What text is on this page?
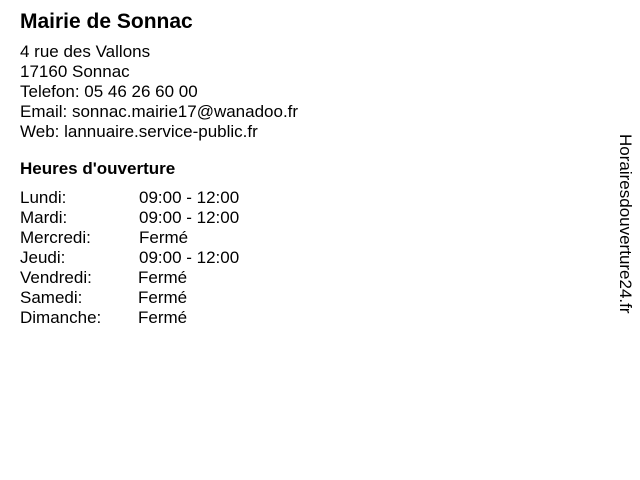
Mairie de Sonnac
4 rue des Vallons
17160 Sonnac
Telefon: 05 46 26 60 00
Email: sonnac.mairie17@wanadoo.fr
Web: lannuaire.service-public.fr
Heures d'ouverture
Lundi:	09:00 - 12:00
Mardi:	09:00 - 12:00
Mercredi:	Fermé
Jeudi:	09:00 - 12:00
Vendredi:	Fermé
Samedi:	Fermé
Dimanche:	Fermé
Horairesdouverture24.fr
